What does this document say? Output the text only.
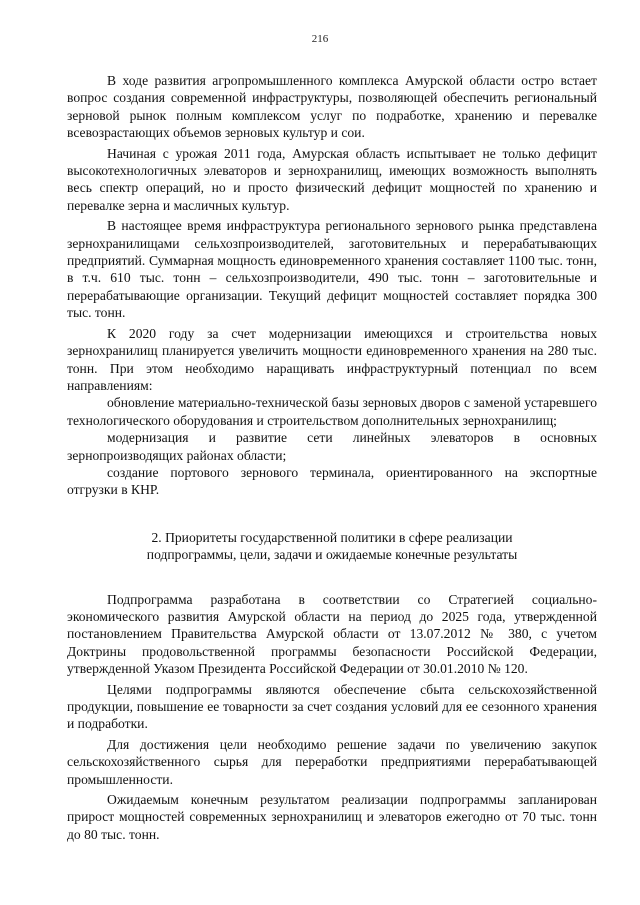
216

В ходе развития агропромышленного комплекса Амурской области остро встает вопрос создания современной инфраструктуры, позволяющей обеспечить региональный зерновой рынок полным комплексом услуг по подработке, хранению и перевалке всевозрастающих объемов зерновых культур и сои.

Начиная с урожая 2011 года, Амурская область испытывает не только дефицит высокотехнологичных элеваторов и зернохранилищ, имеющих возможность выполнять весь спектр операций, но и просто физический дефицит мощностей по хранению и перевалке зерна и масличных культур.

В настоящее время инфраструктура регионального зернового рынка представлена зернохранилищами сельхозпроизводителей, заготовительных и перерабатывающих предприятий. Суммарная мощность единовременного хранения составляет 1100 тыс. тонн, в т.ч. 610 тыс. тонн – сельхозпроизводители, 490 тыс. тонн – заготовительные и перерабатывающие организации. Текущий дефицит мощностей составляет порядка 300 тыс. тонн.

К 2020 году за счет модернизации имеющихся и строительства новых зернохранилищ планируется увеличить мощности единовременного хранения на 280 тыс. тонн. При этом необходимо наращивать инфраструктурный потенциал по всем направлениям:

обновление материально-технической базы зерновых дворов с заменой устаревшего технологического оборудования и строительством дополнительных зернохранилищ;

модернизация и развитие сети линейных элеваторов в основных зернопроизводящих районах области;

создание портового зернового терминала, ориентированного на экспортные отгрузки в КНР.

2. Приоритеты государственной политики в сфере реализации подпрограммы, цели, задачи и ожидаемые конечные результаты

Подпрограмма разработана в соответствии со Стратегией социально-экономического развития Амурской области на период до 2025 года, утвержденной постановлением Правительства Амурской области от 13.07.2012 № 380, с учетом Доктрины продовольственной программы безопасности Российской Федерации, утвержденной Указом Президента Российской Федерации от 30.01.2010 № 120.

Целями подпрограммы являются обеспечение сбыта сельскохозяйственной продукции, повышение ее товарности за счет создания условий для ее сезонного хранения и подработки.

Для достижения цели необходимо решение задачи по увеличению закупок сельскохозяйственного сырья для переработки предприятиями перерабатывающей промышленности.

Ожидаемым конечным результатом реализации подпрограммы запланирован прирост мощностей современных зернохранилищ и элеваторов ежегодно от 70 тыс. тонн до 80 тыс. тонн.
